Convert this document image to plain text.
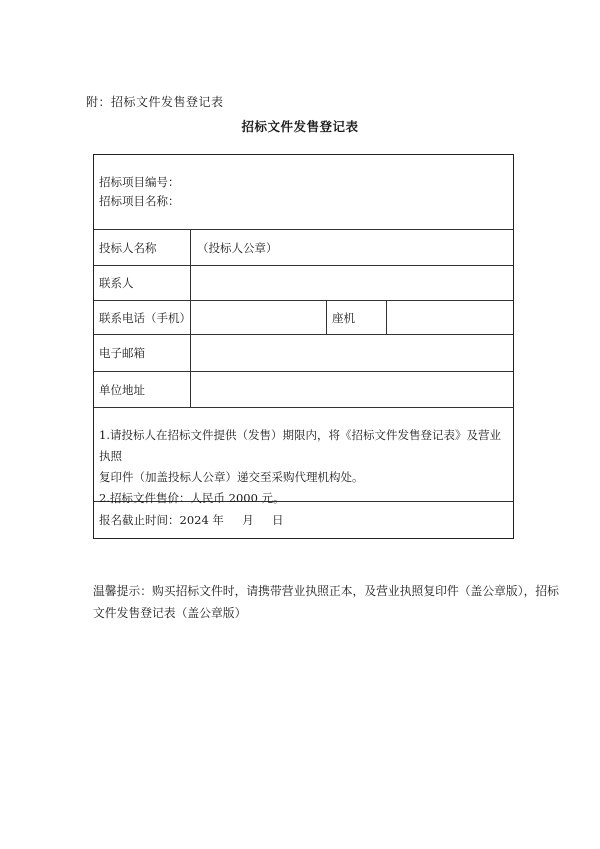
附：招标文件发售登记表
招标文件发售登记表
招标项目编号：
招标项目名称：
投标人名称	（投标人公章）
联系人
联系电话（手机）	座机
电子邮箱
单位地址
1.请投标人在招标文件提供（发售）期限内，将《招标文件发售登记表》及营业执照
复印件（加盖投标人公章）递交至采购代理机构处。
2.招标文件售价：人民币 2000 元。
报名截止时间：2024 年     月     日
温馨提示：购买招标文件时，请携带营业执照正本，及营业执照复印件（盖公章版），招标
文件发售登记表（盖公章版）
